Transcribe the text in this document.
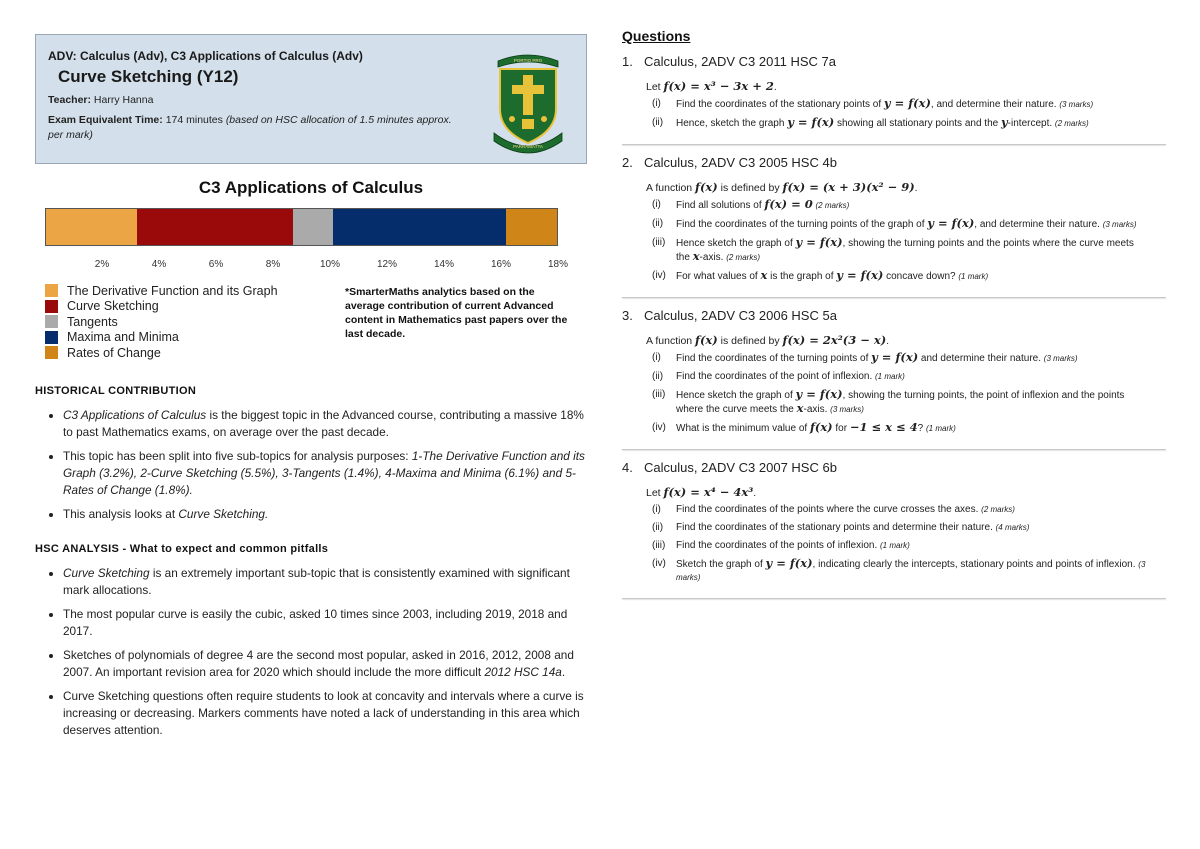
ADV: Calculus (Adv), C3 Applications of Calculus (Adv)
Curve Sketching (Y12)
Teacher: Harry Hanna
Exam Equivalent Time: 174 minutes (based on HSC allocation of 1.5 minutes approx. per mark)
PORTIO PRO
PARRAMATTA
C3 Applications of Calculus
2%	4%	6%	8%	10%	12%	14%	16%	18%
The Derivative Function and its Graph
Curve Sketching
Tangents
Maxima and Minima
Rates of Change
*SmarterMaths analytics based on the average contribution of current Advanced content in Mathematics past papers over the last decade.
HISTORICAL CONTRIBUTION
• C3 Applications of Calculus is the biggest topic in the Advanced course, contributing a massive 18% to past Mathematics exams, on average over the past decade.
• This topic has been split into five sub-topics for analysis purposes: 1-The Derivative Function and its Graph (3.2%), 2-Curve Sketching (5.5%), 3-Tangents (1.4%), 4-Maxima and Minima (6.1%) and 5-Rates of Change (1.8%).
• This analysis looks at Curve Sketching.
HSC ANALYSIS - What to expect and common pitfalls
• Curve Sketching is an extremely important sub-topic that is consistently examined with significant mark allocations.
• The most popular curve is easily the cubic, asked 10 times since 2003, including 2019, 2018 and 2017.
• Sketches of polynomials of degree 4 are the second most popular, asked in 2016, 2012, 2008 and 2007. An important revision area for 2020 which should include the more difficult 2012 HSC 14a.
• Curve Sketching questions often require students to look at concavity and intervals where a curve is increasing or decreasing. Markers comments have noted a lack of understanding in this area which deserves attention.
Questions
1. Calculus, 2ADV C3 2011 HSC 7a
Let f(x) = x³ − 3x + 2.
(i)	Find the coordinates of the stationary points of y = f(x), and determine their nature. (3 marks)
(ii)	Hence, sketch the graph y = f(x) showing all stationary points and the y-intercept. (2 marks)
2. Calculus, 2ADV C3 2005 HSC 4b
A function f(x) is defined by f(x) = (x + 3)(x² − 9).
(i)	Find all solutions of f(x) = 0 (2 marks)
(ii)	Find the coordinates of the turning points of the graph of y = f(x), and determine their nature. (3 marks)
(iii)	Hence sketch the graph of y = f(x), showing the turning points and the points where the curve meets the x-axis. (2 marks)
(iv)	For what values of x is the graph of y = f(x) concave down? (1 mark)
3. Calculus, 2ADV C3 2006 HSC 5a
A function f(x) is defined by f(x) = 2x²(3 − x).
(i)	Find the coordinates of the turning points of y = f(x) and determine their nature. (3 marks)
(ii)	Find the coordinates of the point of inflexion. (1 mark)
(iii)	Hence sketch the graph of y = f(x), showing the turning points, the point of inflexion and the points where the curve meets the x-axis. (3 marks)
(iv)	What is the minimum value of f(x) for −1 ≤ x ≤ 4? (1 mark)
4. Calculus, 2ADV C3 2007 HSC 6b
Let f(x) = x⁴ − 4x³.
(i)	Find the coordinates of the points where the curve crosses the axes. (2 marks)
(ii)	Find the coordinates of the stationary points and determine their nature. (4 marks)
(iii)	Find the coordinates of the points of inflexion. (1 mark)
(iv)	Sketch the graph of y = f(x), indicating clearly the intercepts, stationary points and points of inflexion. (3 marks)
